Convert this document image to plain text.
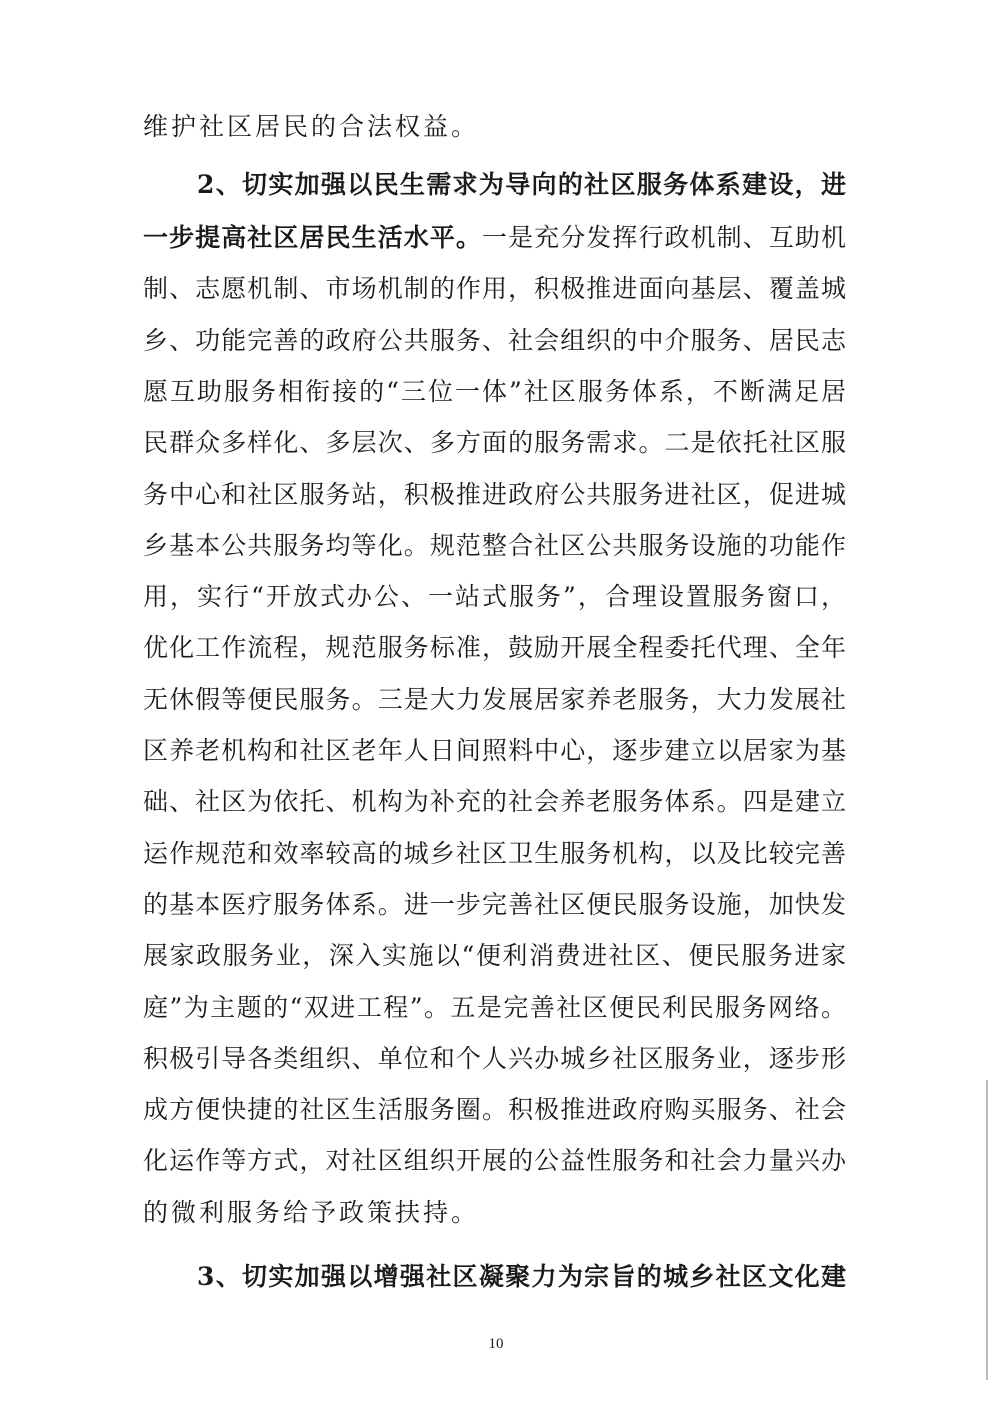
维护社区居民的合法权益。
2、切实加强以民生需求为导向的社区服务体系建设，进
一步提高社区居民生活水平。一是充分发挥行政机制、互助机
制、志愿机制、市场机制的作用，积极推进面向基层、覆盖城
乡、功能完善的政府公共服务、社会组织的中介服务、居民志
愿互助服务相衔接的“三位一体”社区服务体系，不断满足居
民群众多样化、多层次、多方面的服务需求。二是依托社区服
务中心和社区服务站，积极推进政府公共服务进社区，促进城
乡基本公共服务均等化。规范整合社区公共服务设施的功能作
用，实行“开放式办公、一站式服务”，合理设置服务窗口，
优化工作流程，规范服务标准，鼓励开展全程委托代理、全年
无休假等便民服务。三是大力发展居家养老服务，大力发展社
区养老机构和社区老年人日间照料中心，逐步建立以居家为基
础、社区为依托、机构为补充的社会养老服务体系。四是建立
运作规范和效率较高的城乡社区卫生服务机构，以及比较完善
的基本医疗服务体系。进一步完善社区便民服务设施，加快发
展家政服务业，深入实施以“便利消费进社区、便民服务进家
庭”为主题的“双进工程”。五是完善社区便民利民服务网络。
积极引导各类组织、单位和个人兴办城乡社区服务业，逐步形
成方便快捷的社区生活服务圈。积极推进政府购买服务、社会
化运作等方式，对社区组织开展的公益性服务和社会力量兴办
的微利服务给予政策扶持。
3、切实加强以增强社区凝聚力为宗旨的城乡社区文化建
10
